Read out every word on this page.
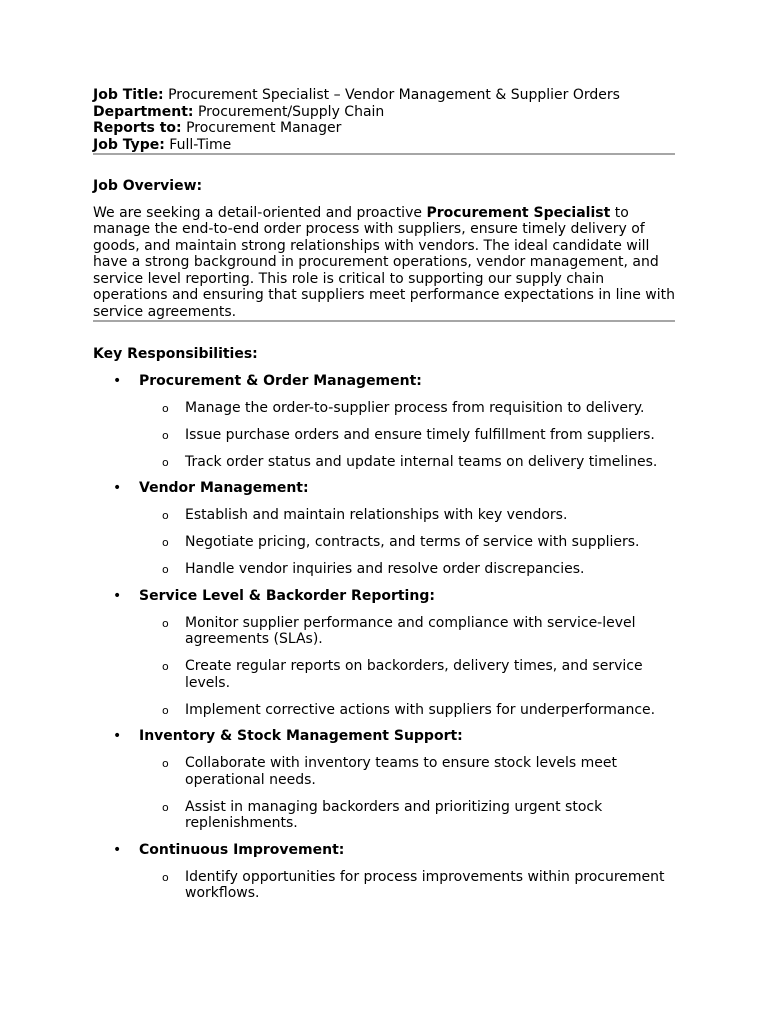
Job Title: Procurement Specialist – Vendor Management & Supplier Orders
Department: Procurement/Supply Chain
Reports to: Procurement Manager
Job Type: Full-Time
Job Overview:
We are seeking a detail-oriented and proactive Procurement Specialist to manage the end-to-end order process with suppliers, ensure timely delivery of goods, and maintain strong relationships with vendors. The ideal candidate will have a strong background in procurement operations, vendor management, and service level reporting. This role is critical to supporting our supply chain operations and ensuring that suppliers meet performance expectations in line with service agreements.
Key Responsibilities:
• Procurement & Order Management:
o Manage the order-to-supplier process from requisition to delivery.
o Issue purchase orders and ensure timely fulfillment from suppliers.
o Track order status and update internal teams on delivery timelines.
• Vendor Management:
o Establish and maintain relationships with key vendors.
o Negotiate pricing, contracts, and terms of service with suppliers.
o Handle vendor inquiries and resolve order discrepancies.
• Service Level & Backorder Reporting:
o Monitor supplier performance and compliance with service-level agreements (SLAs).
o Create regular reports on backorders, delivery times, and service levels.
o Implement corrective actions with suppliers for underperformance.
• Inventory & Stock Management Support:
o Collaborate with inventory teams to ensure stock levels meet operational needs.
o Assist in managing backorders and prioritizing urgent stock replenishments.
• Continuous Improvement:
o Identify opportunities for process improvements within procurement workflows.
